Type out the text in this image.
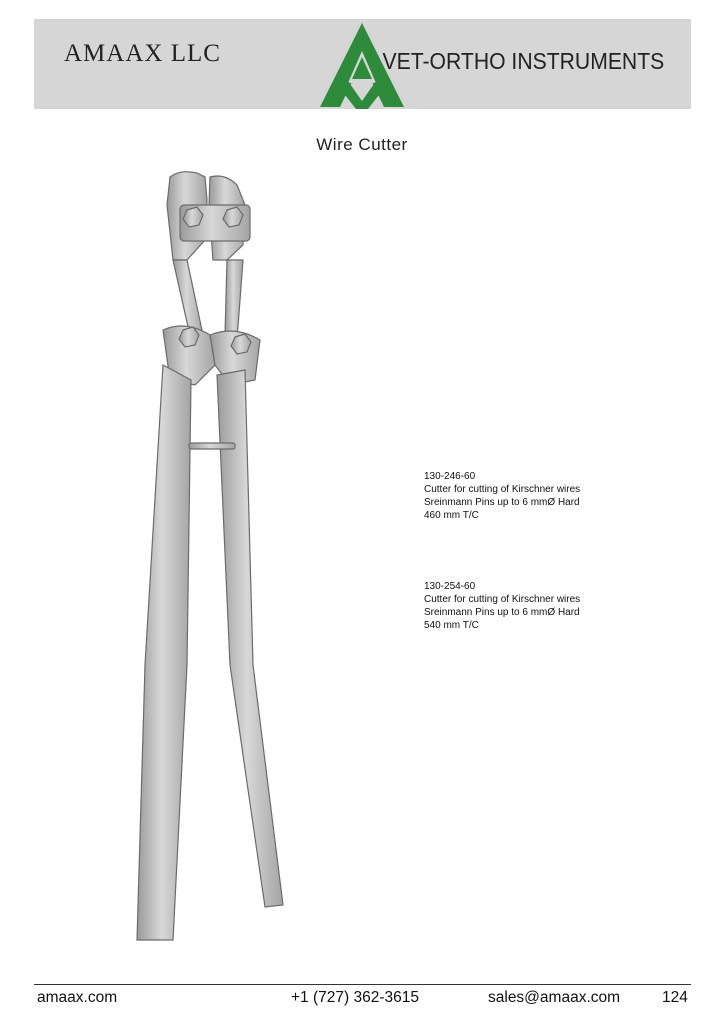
AMAAX LLC	VET-ORTHO INSTRUMENTS
Wire Cutter
130-246-60
Cutter for cutting of Kirschner wires
Sreinmann Pins up to 6 mmØ Hard
460 mm T/C
130-254-60
Cutter for cutting of Kirschner wires
Sreinmann Pins up to 6 mmØ Hard
540 mm T/C
amaax.com	+1 (727) 362-3615	sales@amaax.com	124
